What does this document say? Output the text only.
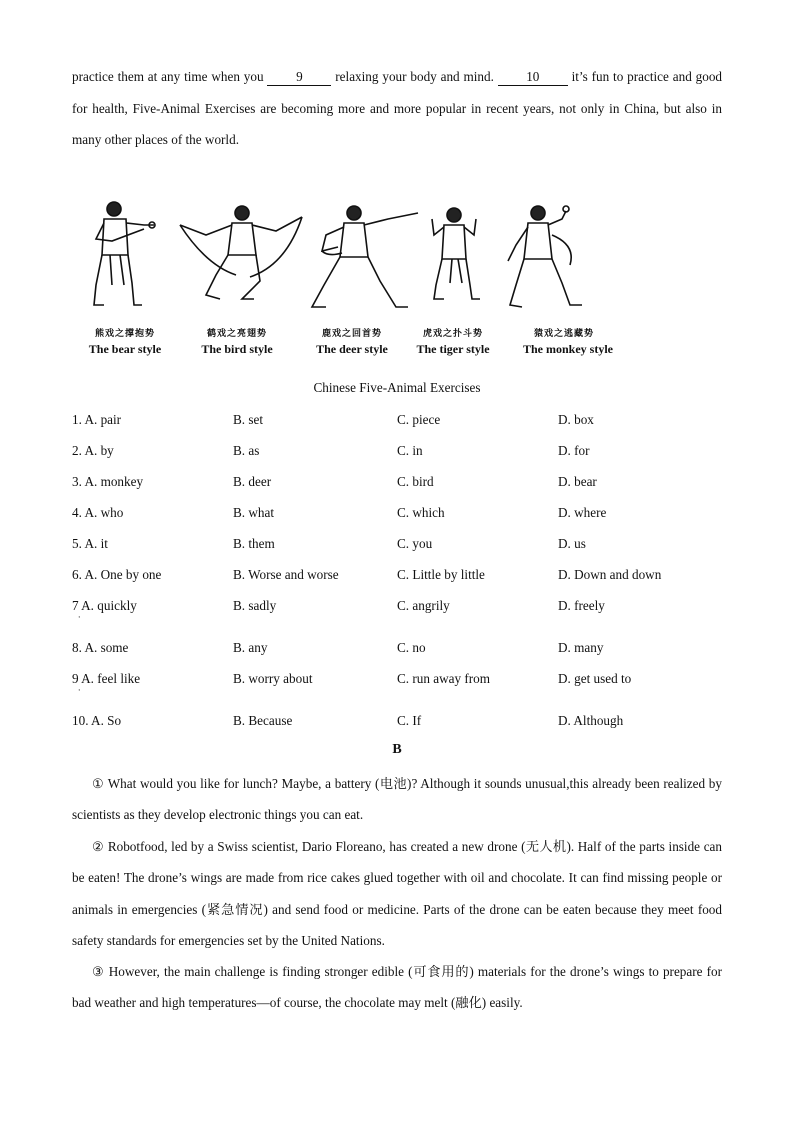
practice them at any time when you 9 relaxing your body and mind. 10 it’s fun to practice and good for health, Five-Animal Exercises are becoming more and more popular in recent years, not only in China, but also in many other places of the world.
熊戏之撑抱势
The bear style
鹤戏之亮翅势
The bird style
鹿戏之回首势
The deer style
虎戏之扑斗势
The tiger style
猿戏之逃藏势
The monkey style
Chinese Five-Animal Exercises
1. A. pair	B. set	C. piece	D. box
2. A. by	B. as	C. in	D. for
3. A. monkey	B. deer	C. bird	D. bear
4. A. who	B. what	C. which	D. where
5. A. it	B. them	C. you	D. us
6. A. One by one	B. Worse and worse	C. Little by little	D. Down and down
7 A. quickly	B. sadly	C. angrily	D. freely
·
8. A. some	B. any	C. no	D. many
9 A. feel like	B. worry about	C. run away from	D. get used to
·
10. A. So	B. Because	C. If	D. Although
B
① What would you like for lunch? Maybe, a battery (电池)? Although it sounds unusual,this already been realized by scientists as they develop electronic things you can eat.
② Robotfood, led by a Swiss scientist, Dario Floreano, has created a new drone (无人机). Half of the parts inside can be eaten! The drone’s wings are made from rice cakes glued together with oil and chocolate. It can find missing people or animals in emergencies (紧急情况) and send food or medicine. Parts of the drone can be eaten because they meet food safety standards for emergencies set by the United Nations.
③ However, the main challenge is finding stronger edible (可食用的) materials for the drone’s wings to prepare for bad weather and high temperatures—of course, the chocolate may melt (融化) easily.
